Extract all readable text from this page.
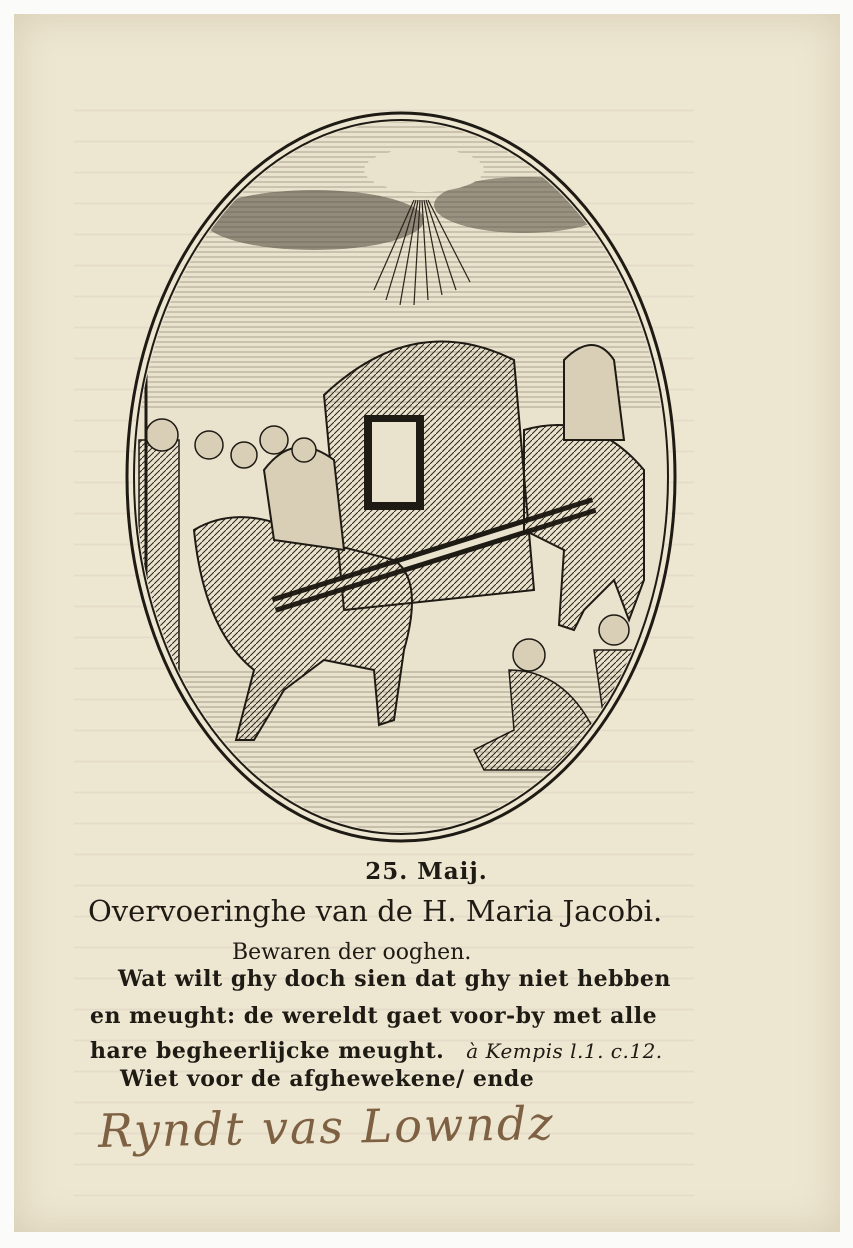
25. Maij.
Overvoeringhe van de H. Maria Jacobi.
Bewaren der ooghen.
Wat wilt ghy doch sien dat ghy niet hebben
en meught: de wereldt gaet voor-by met alle
hare begheerlijcke meught. à Kempis l.1. c.12.
Wiet voor de afghewekene/ ende
Ryndt vas Lowndz
